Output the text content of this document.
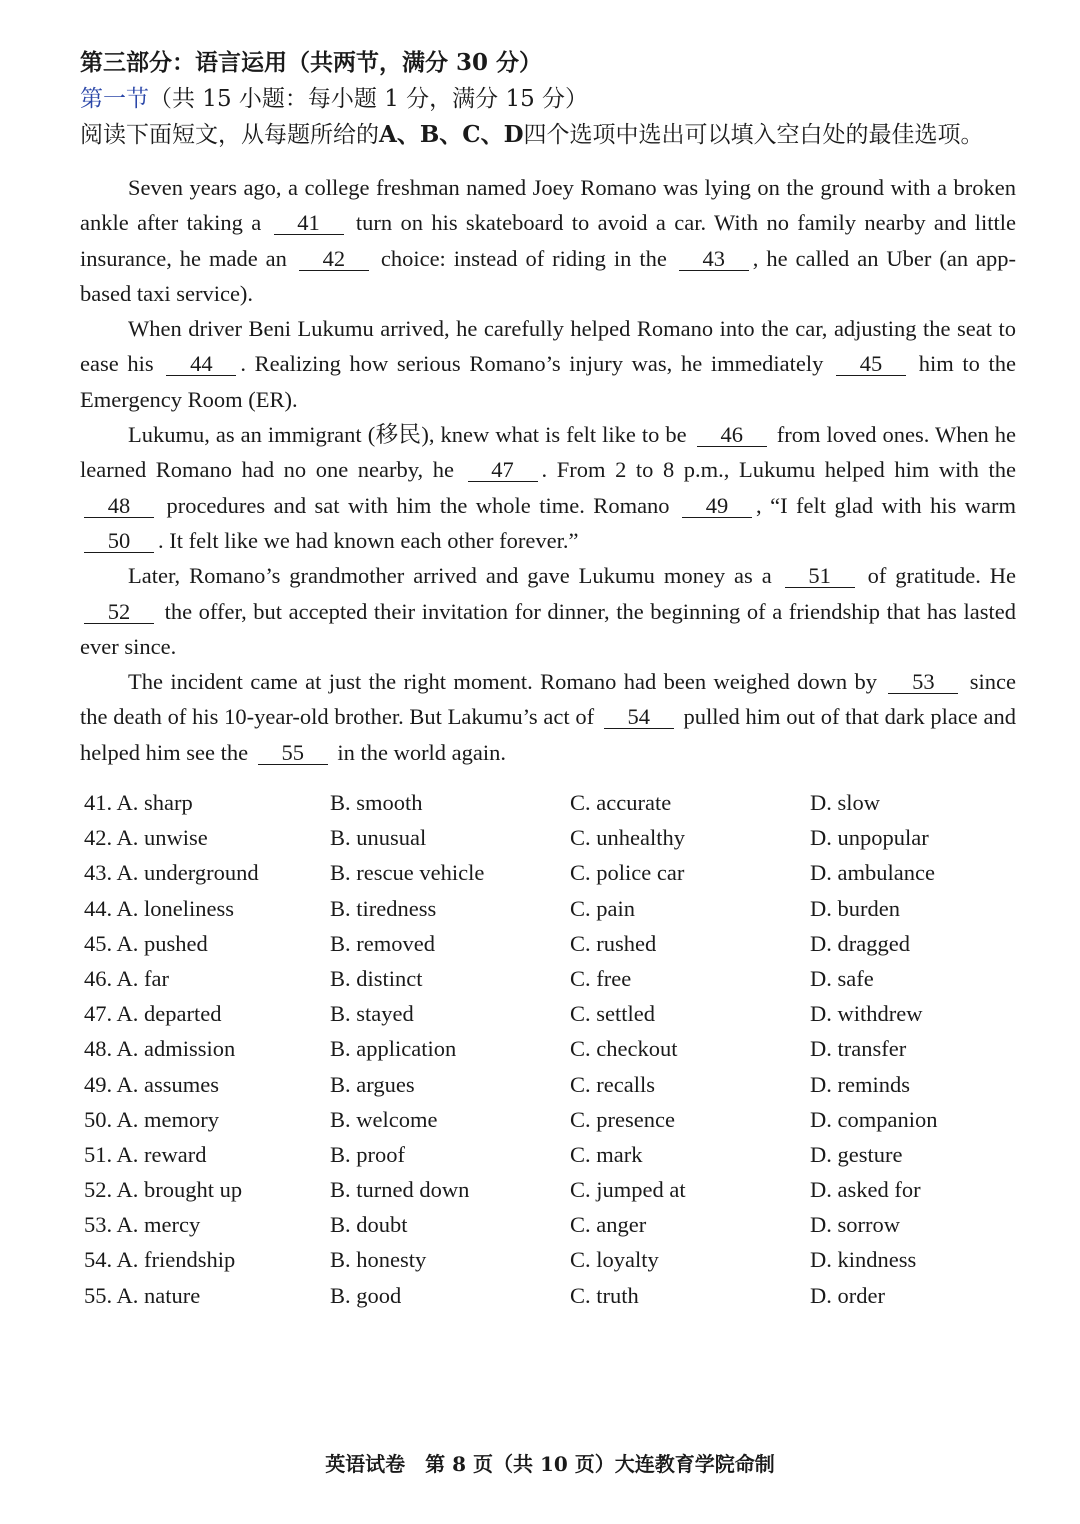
第三部分：语言运用（共两节，满分 30 分）
第一节（共 15 小题：每小题 1 分，满分 15 分）
阅读下面短文，从每题所给的A、B、C、D四个选项中选出可以填入空白处的最佳选项。

Seven years ago, a college freshman named Joey Romano was lying on the ground with a broken ankle after taking a 41 turn on his skateboard to avoid a car. With no family nearby and little insurance, he made an 42 choice: instead of riding in the 43 , he called an Uber (an app-based taxi service).

When driver Beni Lukumu arrived, he carefully helped Romano into the car, adjusting the seat to ease his 44 . Realizing how serious Romano’s injury was, he immediately 45 him to the Emergency Room (ER).

Lukumu, as an immigrant (移民), knew what is felt like to be 46 from loved ones. When he learned Romano had no one nearby, he 47 . From 2 to 8 p.m., Lukumu helped him with the 48 procedures and sat with him the whole time. Romano 49 , “I felt glad with his warm 50 . It felt like we had known each other forever.”

Later, Romano’s grandmother arrived and gave Lukumu money as a 51 of gratitude. He 52 the offer, but accepted their invitation for dinner, the beginning of a friendship that has lasted ever since.

The incident came at just the right moment. Romano had been weighed down by 53 since the death of his 10-year-old brother. But Lakumu’s act of 54 pulled him out of that dark place and helped him see the 55 in the world again.

41. A. sharp	B. smooth	C. accurate	D. slow
42. A. unwise	B. unusual	C. unhealthy	D. unpopular
43. A. underground	B. rescue vehicle	C. police car	D. ambulance
44. A. loneliness	B. tiredness	C. pain	D. burden
45. A. pushed	B. removed	C. rushed	D. dragged
46. A. far	B. distinct	C. free	D. safe
47. A. departed	B. stayed	C. settled	D. withdrew
48. A. admission	B. application	C. checkout	D. transfer
49. A. assumes	B. argues	C. recalls	D. reminds
50. A. memory	B. welcome	C. presence	D. companion
51. A. reward	B. proof	C. mark	D. gesture
52. A. brought up	B. turned down	C. jumped at	D. asked for
53. A. mercy	B. doubt	C. anger	D. sorrow
54. A. friendship	B. honesty	C. loyalty	D. kindness
55. A. nature	B. good	C. truth	D. order
英语试卷　第 8 页（共 10 页）大连教育学院命制
